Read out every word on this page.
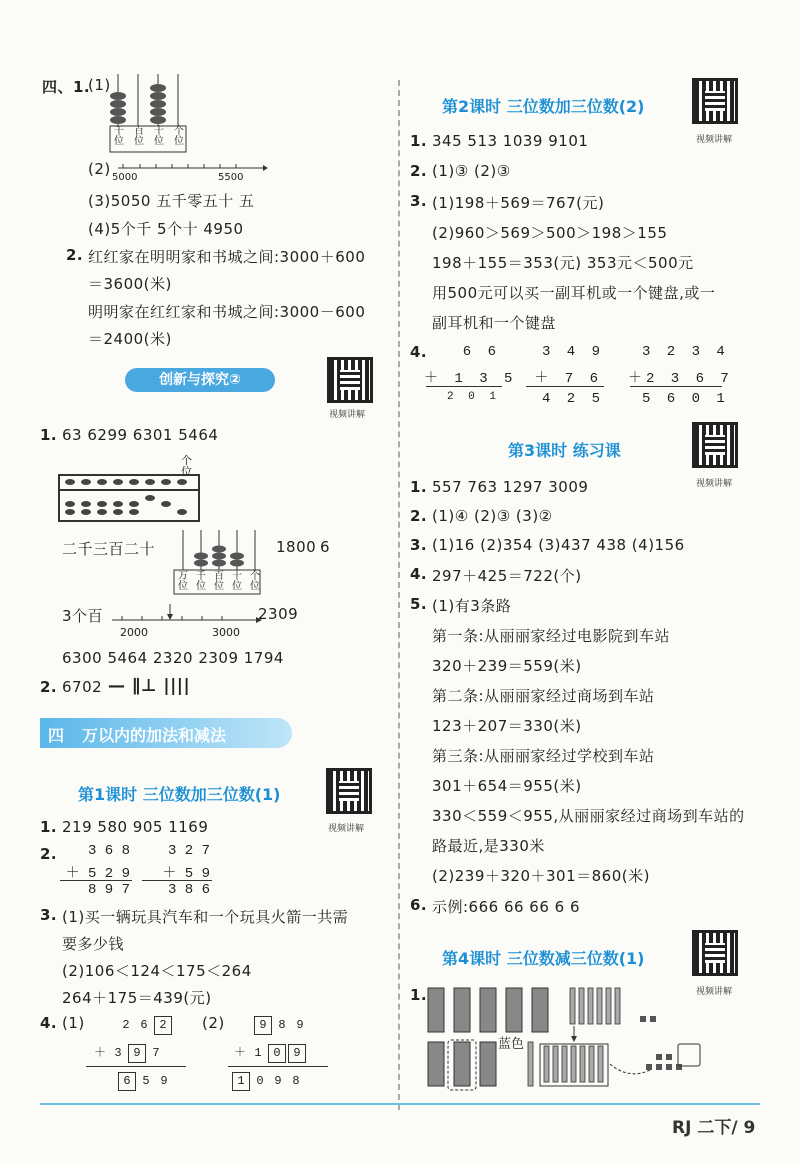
四、1.
(1)
千位
百位
十位
个位
(2) 5000	5500
(3)5050 五千零五十 五
(4)5个千 5个十 4950
2. 红红家在明明家和书城之间:3000＋600
＝3600(米)
明明家在红红家和书城之间:3000－600
＝2400(米)
创新与探究②
视频讲解
1. 63 6299 6301 5464
个
位
二千三百二十
万位
千位
百位
十位
个位
1800 6
3个百
2000	3000
2309
6300 5464 2320 2309 1794
2. 6702 — ∥⊥ ||||
四 万以内的加法和减法
第1课时 三位数加三位数(1)
视频讲解
1. 219 580 905 1169
2.	3 6 8
＋ 5 2 9
8 9 7
3 2 7
＋ 5 9
3 8 6
3. (1)买一辆玩具汽车和一个玩具火箭一共需
要多少钱
(2)106＜124＜175＜264
264＋175＝439(元)
4. (1)	(2)
2 6 2
＋ 3 9 7
6 5 9
9 8 9
＋ 1 0 9
1 0 9 8
第2课时 三位数加三位数(2)
视频讲解
1. 345 513 1039 9101
2. (1)③ (2)③
3. (1)198＋569＝767(元)
(2)960＞569＞500＞198＞155
198＋155＝353(元) 353元＜500元
用500元可以买一副耳机或一个键盘,或一
副耳机和一个键盘
4.	6 6
＋ 1 3 5
2 0 1
3 4 9
＋ 7 6
4 2 5
3 2 3 4
＋2 3 6 7
5 6 0 1
第3课时 练习课
视频讲解
1. 557 763 1297 3009
2. (1)④ (2)③ (3)②
3. (1)16 (2)354 (3)437 438 (4)156
4. 297＋425＝722(个)
5. (1)有3条路
第一条:从丽丽家经过电影院到车站
320＋239＝559(米)
第二条:从丽丽家经过商场到车站
123＋207＝330(米)
第三条:从丽丽家经过学校到车站
301＋654＝955(米)
330＜559＜955,从丽丽家经过商场到车站的
路最近,是330米
(2)239＋320＋301＝860(米)
6. 示例:666 66 66 6 6
第4课时 三位数减三位数(1)
视频讲解
1.
蓝色
RJ 二下/ 9
